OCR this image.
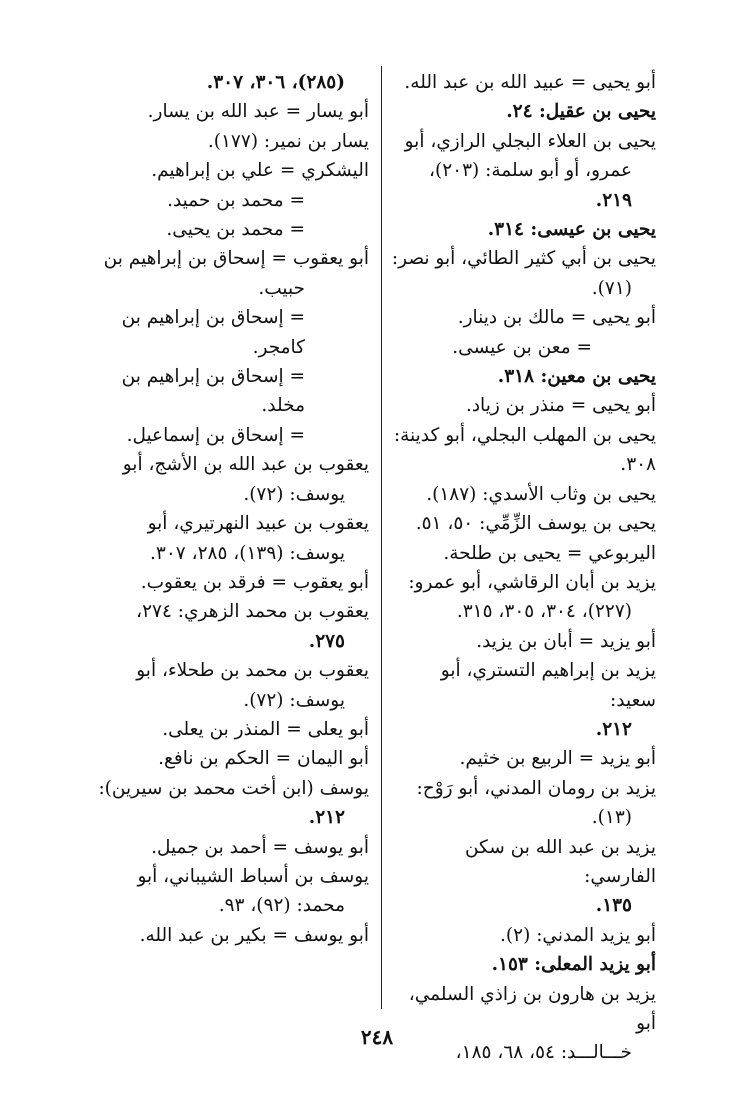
أبو يحيى = عبيد الله بن عبد الله.
يحيى بن عقيل: ٢٤.
يحيى بن العلاء البجلي الرازي، أبو
عمرو، أو أبو سلمة: (٢٠٣)،
٢١٩.
يحيى بن عيسى: ٣١٤.
يحيى بن أبي كثير الطائي، أبو نصر:
(٧١).
أبو يحيى = مالك بن دينار.
= معن بن عيسى.
يحيى بن معين: ٣١٨.
أبو يحيى = منذر بن زياد.
يحيى بن المهلب البجلي، أبو كدينة: ٣٠٨.
يحيى بن وثاب الأسدي: (١٨٧).
يحيى بن يوسف الزِّمِّي: ٥٠، ٥١.
اليربوعي = يحيى بن طلحة.
يزيد بن أبان الرقاشي، أبو عمرو:
(٢٢٧)، ٣٠٤، ٣٠٥، ٣١٥.
أبو يزيد = أبان بن يزيد.
يزيد بن إبراهيم التستري، أبو سعيد:
٢١٢.
أبو يزيد = الربيع بن خثيم.
يزيد بن رومان المدني، أبو رَوْح:
(١٣).
يزيد بن عبد الله بن سكن الفارسي:
١٣٥.
أبو يزيد المدني: (٢).
أبو يزيد المعلى: ١٥٣.
يزيد بن هارون بن زاذي السلمي، أبو
خـــالـــد: ٥٤، ٦٨، ١٨٥،
(٢٨٥)، ٣٠٦، ٣٠٧.
أبو يسار = عبد الله بن يسار.
يسار بن نمير: (١٧٧).
اليشكري = علي بن إبراهيم.
= محمد بن حميد.
= محمد بن يحيى.
أبو يعقوب = إسحاق بن إبراهيم بن
حبيب.
= إسحاق بن إبراهيم بن
كامجر.
= إسحاق بن إبراهيم بن
مخلد.
= إسحاق بن إسماعيل.
يعقوب بن عبد الله بن الأشج، أبو
يوسف: (٧٢).
يعقوب بن عبيد النهرتيري، أبو
يوسف: (١٣٩)، ٢٨٥، ٣٠٧.
أبو يعقوب = فرقد بن يعقوب.
يعقوب بن محمد الزهري: ٢٧٤،
٢٧٥.
يعقوب بن محمد بن طحلاء، أبو
يوسف: (٧٢).
أبو يعلى = المنذر بن يعلى.
أبو اليمان = الحكم بن نافع.
يوسف (ابن أخت محمد بن سيرين):
٢١٢.
أبو يوسف = أحمد بن جميل.
يوسف بن أسباط الشيباني، أبو
محمد: (٩٢)، ٩٣.
أبو يوسف = بكير بن عبد الله.
٢٤٨
